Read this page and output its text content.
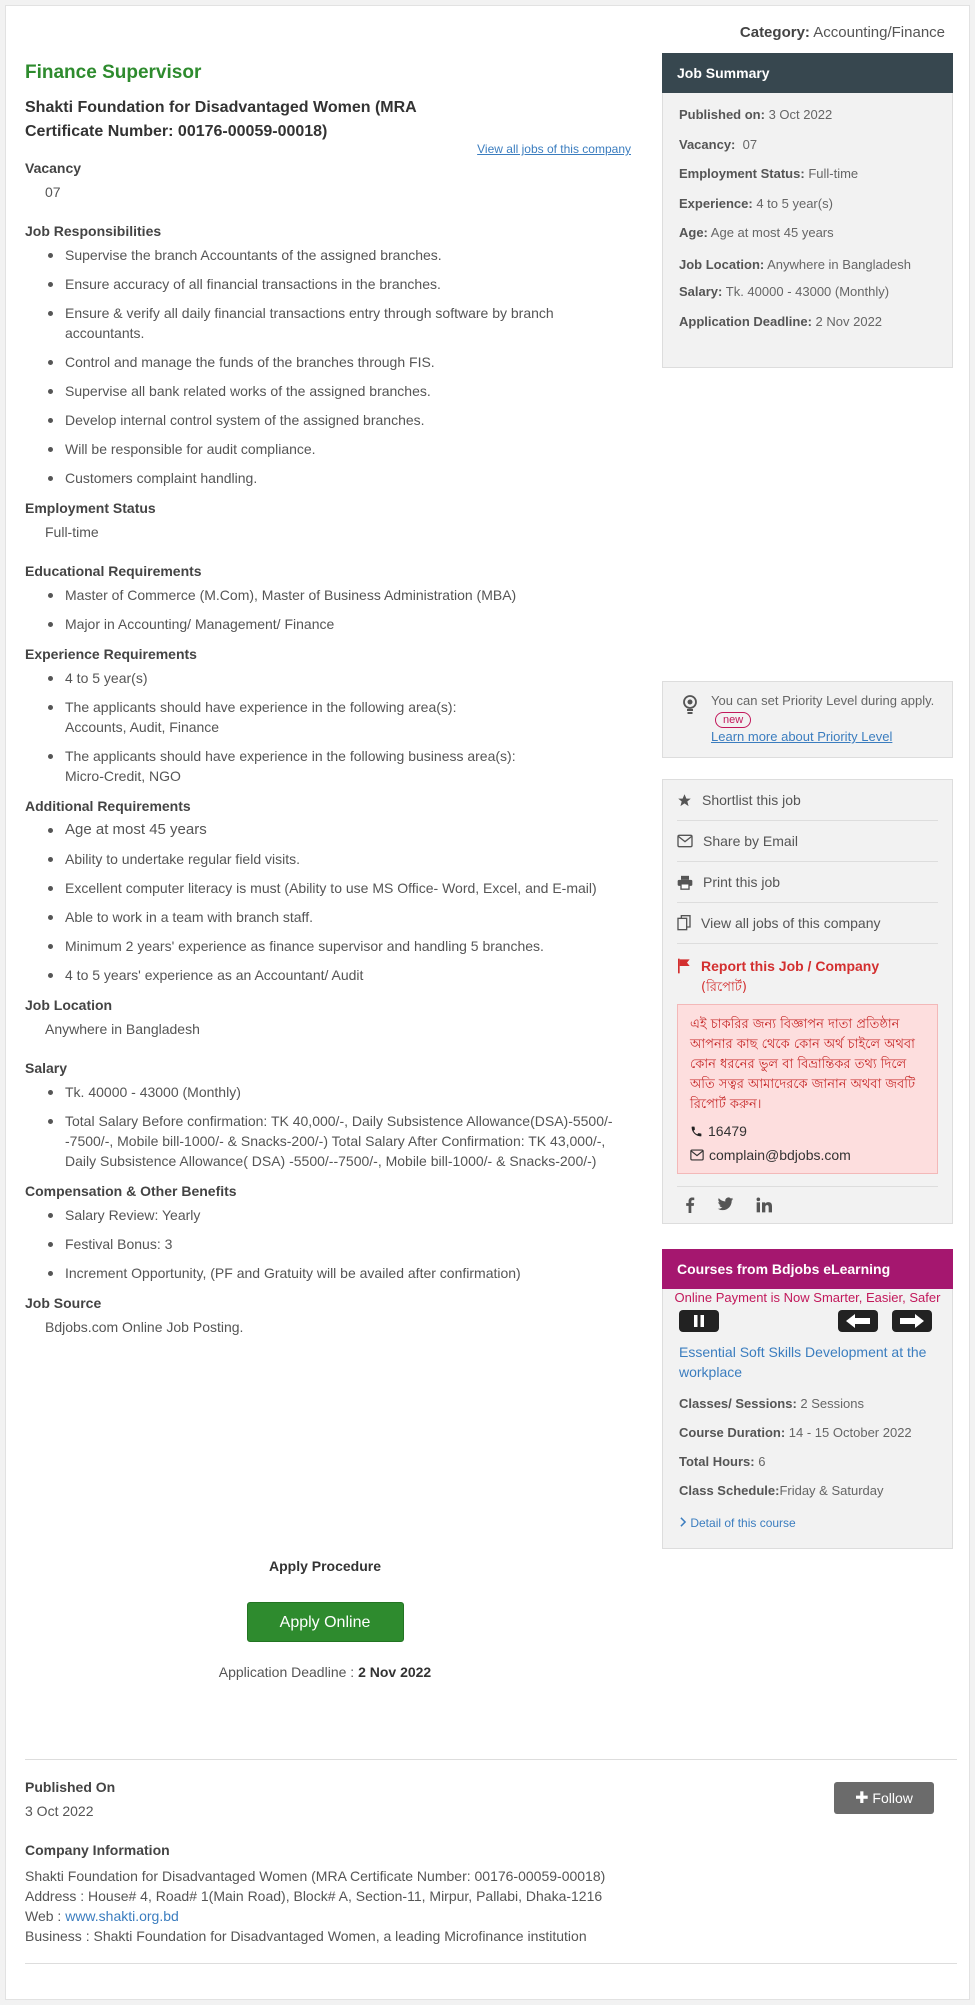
Category: Accounting/Finance
Finance Supervisor
Shakti Foundation for Disadvantaged Women (MRA Certificate Number: 00176-00059-00018)
View all jobs of this company
Vacancy
07
Job Responsibilities
Supervise the branch Accountants of the assigned branches.
Ensure accuracy of all financial transactions in the branches.
Ensure & verify all daily financial transactions entry through software by branch accountants.
Control and manage the funds of the branches through FIS.
Supervise all bank related works of the assigned branches.
Develop internal control system of the assigned branches.
Will be responsible for audit compliance.
Customers complaint handling.
Employment Status
Full-time
Educational Requirements
Master of Commerce (M.Com), Master of Business Administration (MBA)
Major in Accounting/ Management/ Finance
Experience Requirements
4 to 5 year(s)
The applicants should have experience in the following area(s):
Accounts, Audit, Finance
The applicants should have experience in the following business area(s):
Micro-Credit, NGO
Additional Requirements
Age at most 45 years
Ability to undertake regular field visits.
Excellent computer literacy is must (Ability to use MS Office- Word, Excel, and E-mail)
Able to work in a team with branch staff.
Minimum 2 years' experience as finance supervisor and handling 5 branches.
4 to 5 years' experience as an Accountant/ Audit
Job Location
Anywhere in Bangladesh
Salary
Tk. 40000 - 43000 (Monthly)
Total Salary Before confirmation: TK 40,000/-, Daily Subsistence Allowance(DSA)-5500/--7500/-, Mobile bill-1000/- & Snacks-200/-) Total Salary After Confirmation: TK 43,000/-, Daily Subsistence Allowance( DSA) -5500/--7500/-, Mobile bill-1000/- & Snacks-200/-)
Compensation & Other Benefits
Salary Review: Yearly
Festival Bonus: 3
Increment Opportunity, (PF and Gratuity will be availed after confirmation)
Job Source
Bdjobs.com Online Job Posting.
Apply Procedure
Apply Online
Application Deadline : 2 Nov 2022
Published On
3 Oct 2022
✚ Follow
Company Information
Shakti Foundation for Disadvantaged Women (MRA Certificate Number: 00176-00059-00018)
Address : House# 4, Road# 1(Main Road), Block# A, Section-11, Mirpur, Pallabi, Dhaka-1216
Web : www.shakti.org.bd
Business : Shakti Foundation for Disadvantaged Women, a leading Microfinance institution
Job Summary
Published on: 3 Oct 2022
Vacancy: 07
Employment Status: Full-time
Experience: 4 to 5 year(s)
Age: Age at most 45 years
Job Location: Anywhere in Bangladesh
Salary: Tk. 40000 - 43000 (Monthly)
Application Deadline: 2 Nov 2022
You can set Priority Level during apply.new
Learn more about Priority Level
Shortlist this job
Share by Email
Print this job
View all jobs of this company
Report this Job / Company
(রিপোর্ট)
এই চাকরির জন্য বিজ্ঞাপন দাতা প্রতিষ্ঠান আপনার কাছ থেকে কোন অর্থ চাইলে অথবা কোন ধরনের ভুল বা বিভ্রান্তিকর তথ্য দিলে অতি সত্বর আমাদেরকে জানান অথবা জবটি রিপোর্ট করুন।
16479
complain@bdjobs.com
Courses from Bdjobs eLearning
Online Payment is Now Smarter, Easier, Safer
Essential Soft Skills Development at the workplace
Classes/ Sessions: 2 Sessions
Course Duration: 14 - 15 October 2022
Total Hours: 6
Class Schedule:Friday & Saturday
Detail of this course
